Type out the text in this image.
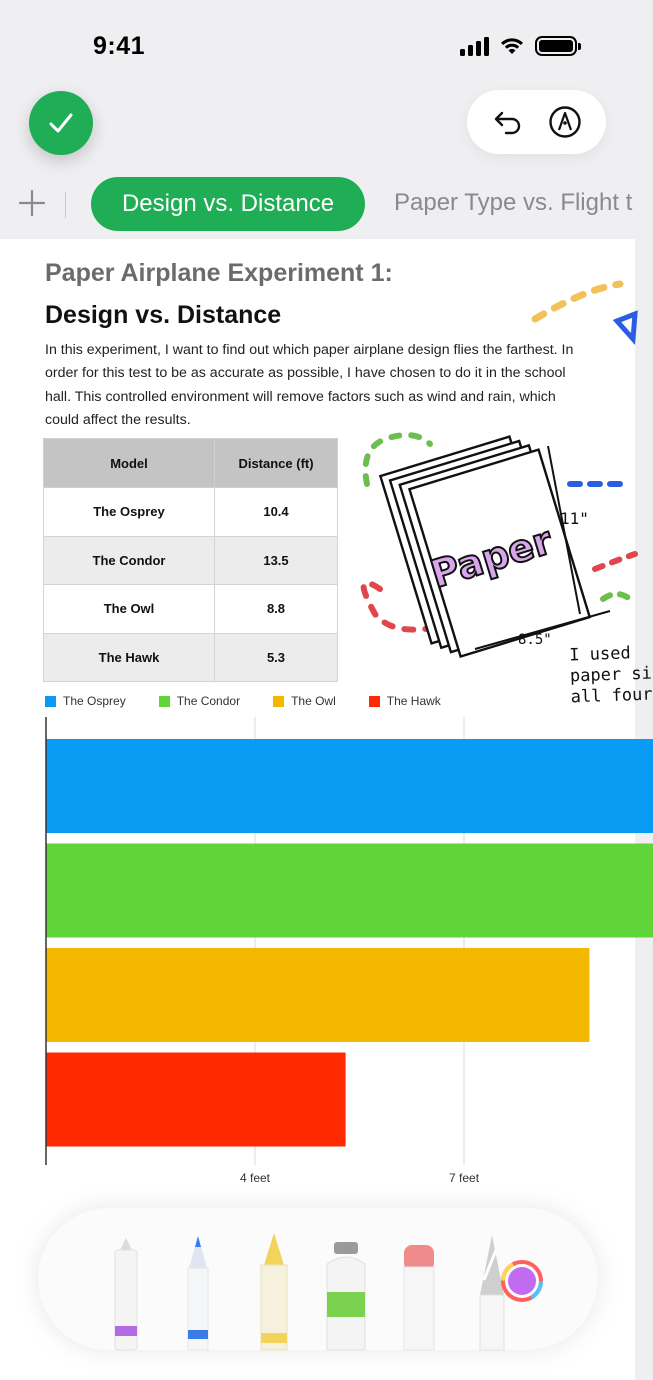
9:41
Design vs. Distance	Paper Type vs. Flight t
Paper Airplane Experiment 1:
Design vs. Distance

In this experiment, I want to find out which paper airplane design flies the farthest. In order for this test to be as accurate as possible, I have chosen to do it in the school hall. This controlled environment will remove factors such as wind and rain, which could affect the results.

Model	Distance (ft)
The Osprey	10.4
The Condor	13.5
The Owl	8.8
The Hawk	5.3
Paper 11"
8.5"
I used
paper si
all four
The Osprey	The Condor	The Owl	The Hawk
4 feet	7 feet
